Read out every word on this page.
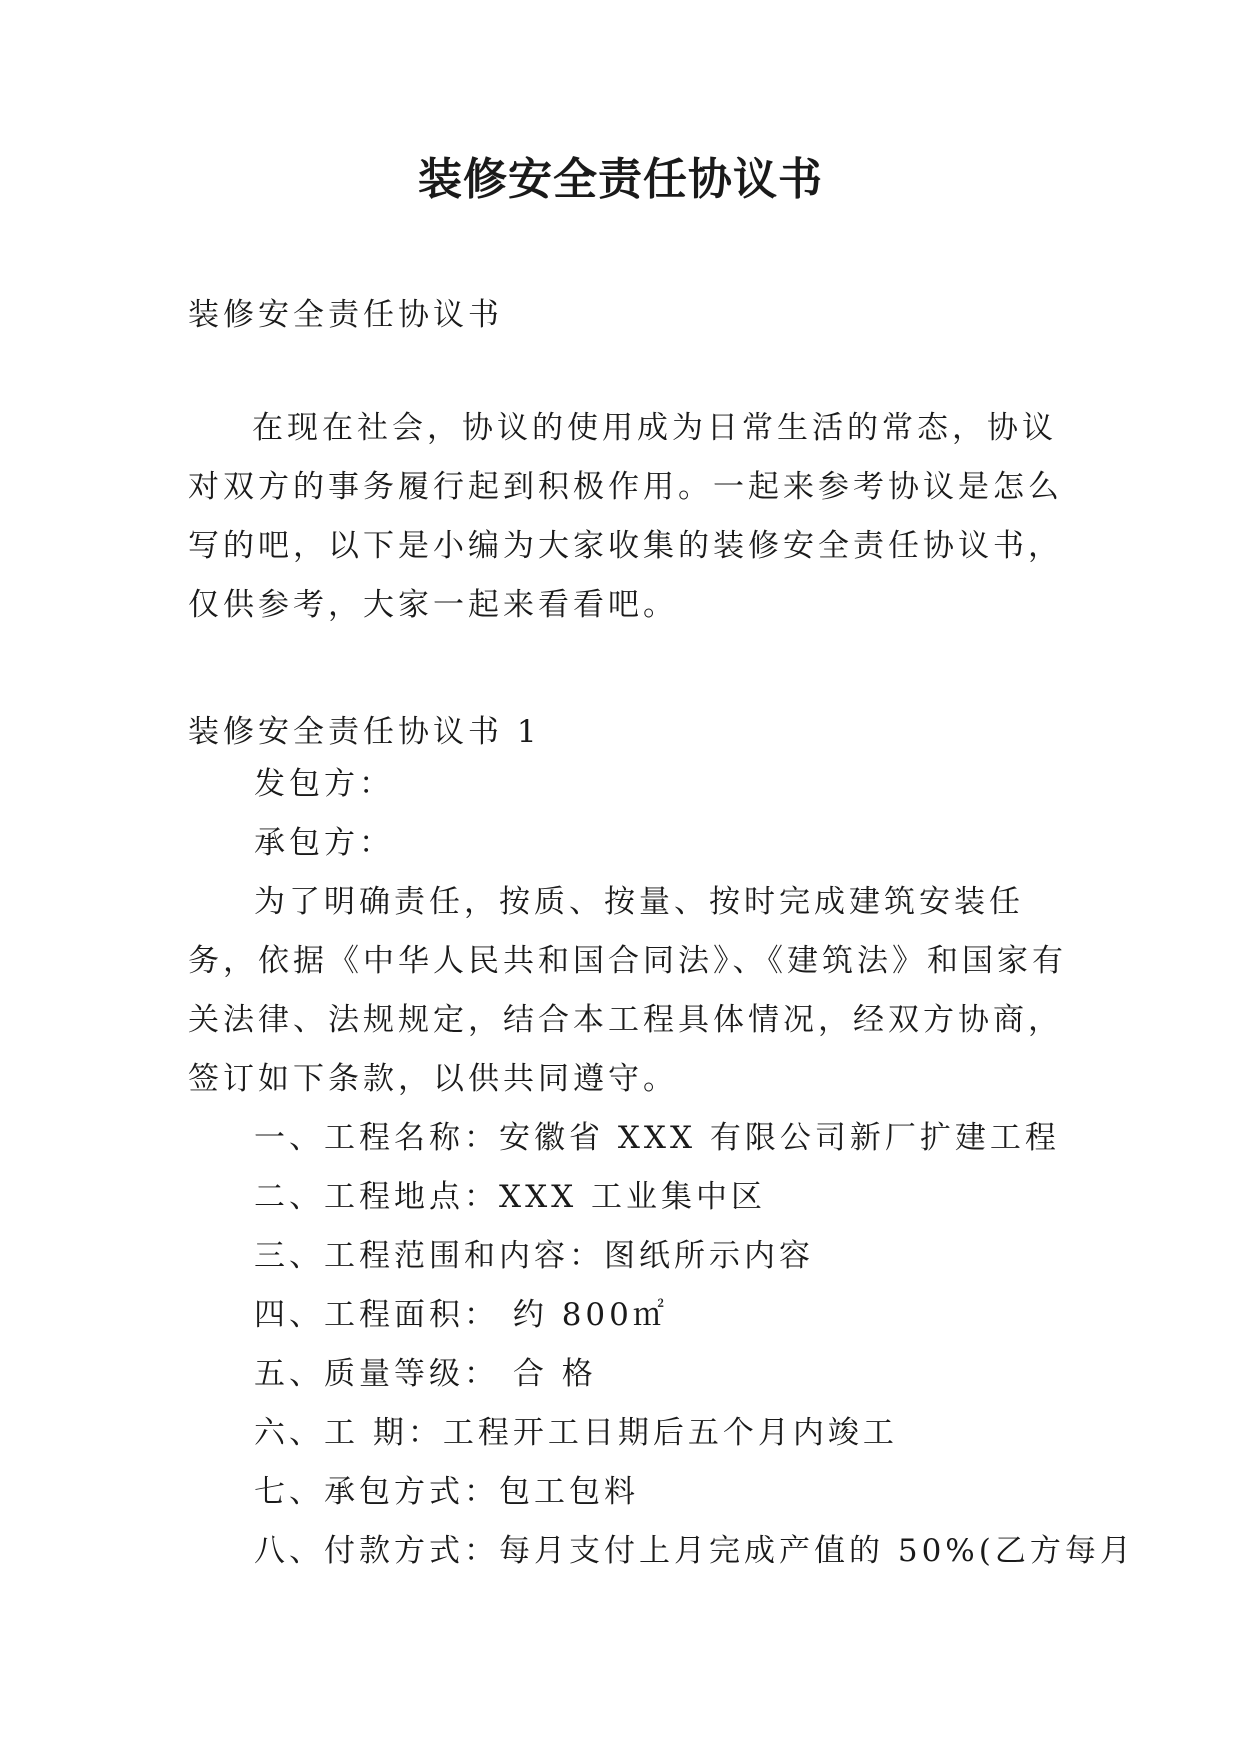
装修安全责任协议书

装修安全责任协议书

在现在社会，协议的使用成为日常生活的常态，协议对双方的事务履行起到积极作用。一起来参考协议是怎么写的吧，以下是小编为大家收集的装修安全责任协议书，仅供参考，大家一起来看看吧。

装修安全责任协议书 1

发包方：

承包方：

为了明确责任，按质、按量、按时完成建筑安装任务，依据《中华人民共和国合同法》、《建筑法》和国家有关法律、法规规定，结合本工程具体情况，经双方协商，签订如下条款，以供共同遵守。

一、工程名称：安徽省 XXX 有限公司新厂扩建工程

二、工程地点：XXX 工业集中区

三、工程范围和内容：图纸所示内容

四、工程面积： 约 800㎡

五、质量等级： 合 格

六、工 期：工程开工日期后五个月内竣工

七、承包方式：包工包料

八、付款方式：每月支付上月完成产值的 50%(乙方每月
